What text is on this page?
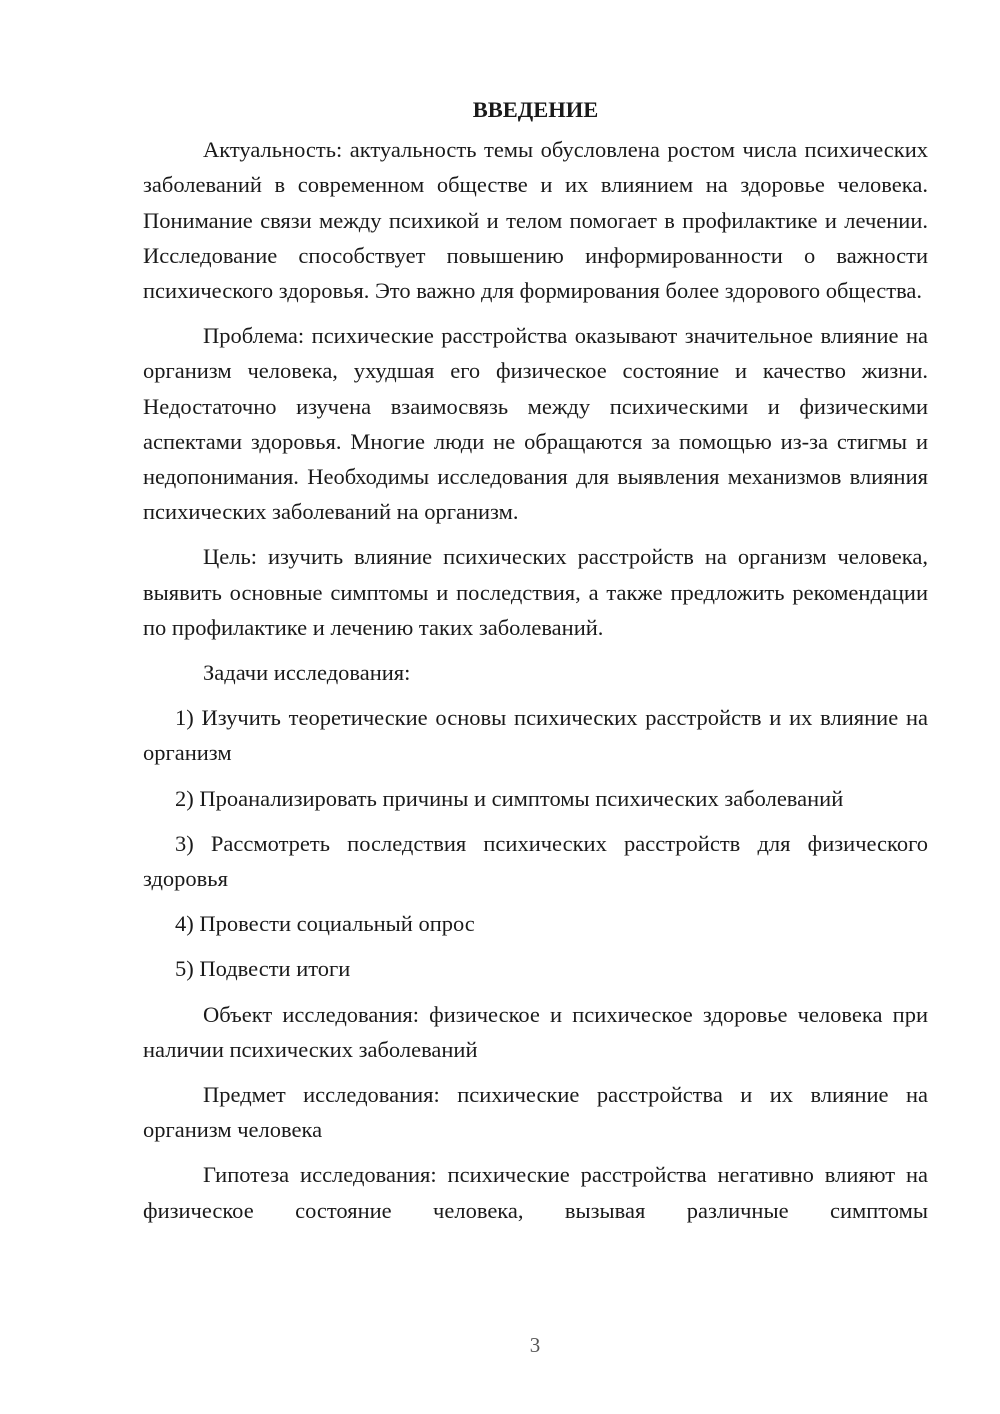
ВВЕДЕНИЕ

Актуальность: актуальность темы обусловлена ростом числа психических заболеваний в современном обществе и их влиянием на здоровье человека. Понимание связи между психикой и телом помогает в профилактике и лечении. Исследование способствует повышению информированности о важности психического здоровья. Это важно для формирования более здорового общества.

Проблема: психические расстройства оказывают значительное влияние на организм человека, ухудшая его физическое состояние и качество жизни. Недостаточно изучена взаимосвязь между психическими и физическими аспектами здоровья. Многие люди не обращаются за помощью из-за стигмы и недопонимания. Необходимы исследования для выявления механизмов влияния психических заболеваний на организм.

Цель: изучить влияние психических расстройств на организм человека, выявить основные симптомы и последствия, а также предложить рекомендации по профилактике и лечению таких заболеваний.

Задачи исследования:

1) Изучить теоретические основы психических расстройств и их влияние на организм

2) Проанализировать причины и симптомы психических заболеваний

3) Рассмотреть последствия психических расстройств для физического здоровья

4) Провести социальный опрос

5) Подвести итоги

Объект исследования: физическое и психическое здоровье человека при наличии психических заболеваний

Предмет исследования: психические расстройства и их влияние на организм человека

Гипотеза исследования: психические расстройства негативно влияют на физическое состояние человека, вызывая различные симптомы

3
